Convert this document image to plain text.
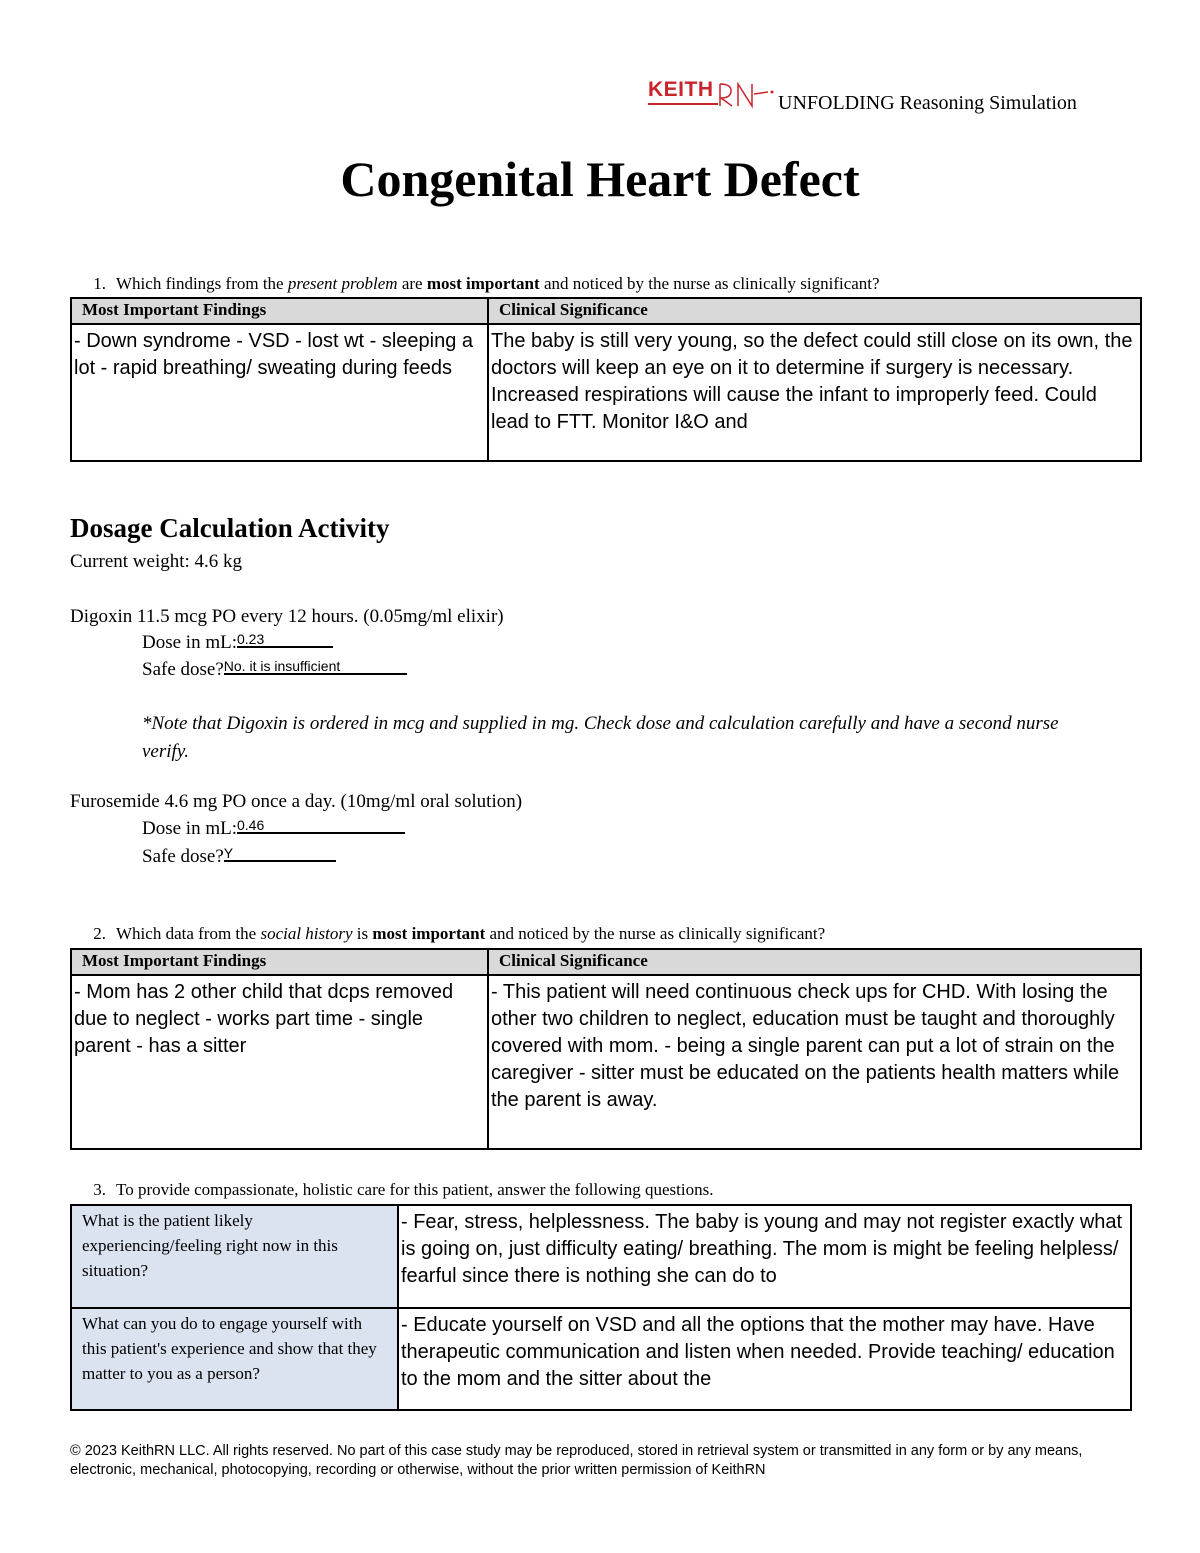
KEITH
UNFOLDING Reasoning Simulation
Congenital Heart Defect
1. Which findings from the present problem are most important and noticed by the nurse as clinically significant?
Most Important Findings	Clinical Significance
- Down syndrome - VSD - lost wt - sleeping a lot - rapid breathing/ sweating during feeds	The baby is still very young, so the defect could still close on its own, the doctors will keep an eye on it to determine if surgery is necessary. Increased respirations will cause the infant to improperly feed. Could lead to FTT. Monitor I&O and
Dosage Calculation Activity
Current weight: 4.6 kg
Digoxin 11.5 mcg PO every 12 hours. (0.05mg/ml elixir)
Dose in mL:0.23
Safe dose?No. it is insufficient
*Note that Digoxin is ordered in mcg and supplied in mg. Check dose and calculation carefully and have a second nurse verify.
Furosemide 4.6 mg PO once a day. (10mg/ml oral solution)
Dose in mL:0.46
Safe dose?Y
2. Which data from the social history is most important and noticed by the nurse as clinically significant?
Most Important Findings	Clinical Significance
- Mom has 2 other child that dcps removed due to neglect - works part time - single parent - has a sitter	- This patient will need continuous check ups for CHD. With losing the other two children to neglect, education must be taught and thoroughly covered with mom. - being a single parent can put a lot of strain on the caregiver - sitter must be educated on the patients health matters while the parent is away.
3. To provide compassionate, holistic care for this patient, answer the following questions.
What is the patient likely experiencing/feeling right now in this situation?	- Fear, stress, helplessness. The baby is young and may not register exactly what is going on, just difficulty eating/ breathing. The mom is might be feeling helpless/ fearful since there is nothing she can do to
What can you do to engage yourself with this patient's experience and show that they matter to you as a person?	- Educate yourself on VSD and all the options that the mother may have. Have therapeutic communication and listen when needed. Provide teaching/ education to the mom and the sitter about the
© 2023 KeithRN LLC. All rights reserved. No part of this case study may be reproduced, stored in retrieval system or transmitted in any form or by any means, electronic, mechanical, photocopying, recording or otherwise, without the prior written permission of KeithRN
